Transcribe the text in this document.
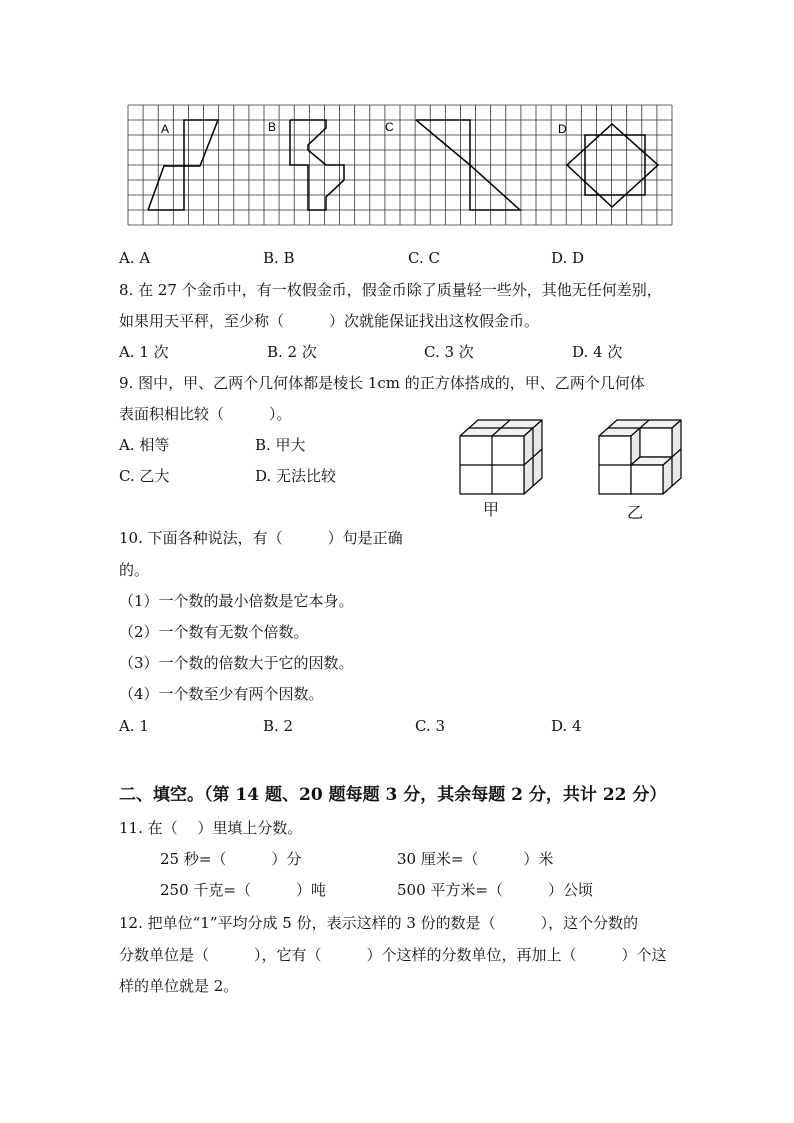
A	B	C	D
A. A	B. B	C. C	D. D
8. 在 27 个金币中，有一枚假金币，假金币除了质量轻一些外，其他无任何差别，
如果用天平秤，至少称（　　　）次就能保证找出这枚假金币。
A. 1 次	B. 2 次	C. 3 次	D. 4 次
9. 图中，甲、乙两个几何体都是棱长 1cm 的正方体搭成的，甲、乙两个几何体
表面积相比较（　　　）。
A. 相等	B. 甲大
C. 乙大	D. 无法比较
甲	乙
10. 下面各种说法，有（　　　）句是正确
的。
（1）一个数的最小倍数是它本身。
（2）一个数有无数个倍数。
（3）一个数的倍数大于它的因数。
（4）一个数至少有两个因数。
A. 1	B. 2	C. 3	D. 4
二、填空。（第 14 题、20 题每题 3 分，其余每题 2 分，共计 22 分）
11. 在（　 ）里填上分数。
25 秒=（　　　）分	30 厘米=（　　　）米
250 千克=（　　　）吨	500 平方米=（　　　）公顷
12. 把单位“1”平均分成 5 份，表示这样的 3 份的数是（　　　），这个分数的
分数单位是（　　　），它有（　　　）个这样的分数单位，再加上（　　　）个这
样的单位就是 2。
